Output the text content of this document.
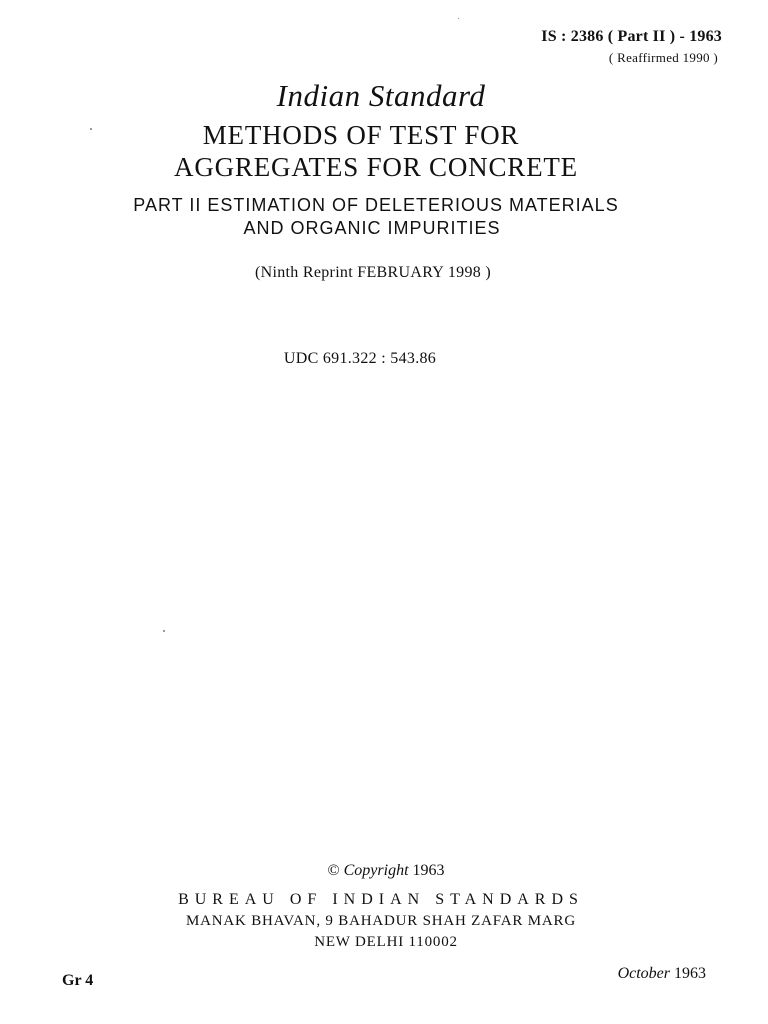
IS : 2386 ( Part II ) - 1963
( Reaffirmed 1990 )
Indian Standard
METHODS OF TEST FOR
AGGREGATES FOR CONCRETE
PART II ESTIMATION OF DELETERIOUS MATERIALS
AND ORGANIC IMPURITIES
(Ninth Reprint FEBRUARY 1998 )
UDC 691.322 : 543.86
© Copyright 1963
BUREAU OF INDIAN STANDARDS
MANAK BHAVAN, 9 BAHADUR SHAH ZAFAR MARG
NEW DELHI 110002
Gr 4	October 1963
